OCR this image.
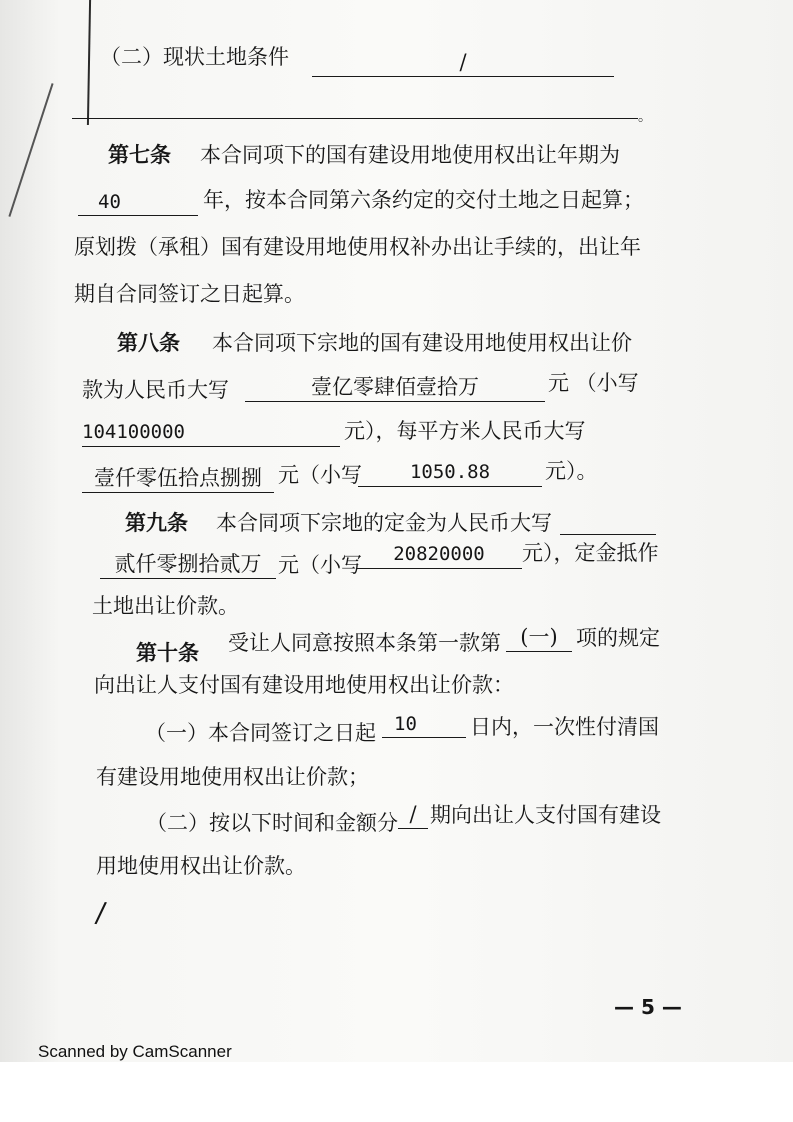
（二）现状土地条件	/
。
第七条 本合同项下的国有建设用地使用权出让年期为
40	年，按本合同第六条约定的交付土地之日起算；
原划拨（承租）国有建设用地使用权补办出让手续的，出让年
期自合同签订之日起算。
第八条 本合同项下宗地的国有建设用地使用权出让价
款为人民币大写	壹亿零肆佰壹拾万	元 （小写
104100000	元），每平方米人民币大写
壹仟零伍拾点捌捌 元（小写	1050.88	元）。
第九条 本合同项下宗地的定金为人民币大写
贰仟零捌拾贰万 元（小写	20820000	元），定金抵作
土地出让价款。
第十条 受让人同意按照本条第一款第 (一) 项的规定
向出让人支付国有建设用地使用权出让价款：
（一）本合同签订之日起 10	日内，一次性付清国
有建设用地使用权出让价款；
（二）按以下时间和金额分 / 期向出让人支付国有建设
用地使用权出让价款。
/
— 5 —
Scanned by CamScanner
